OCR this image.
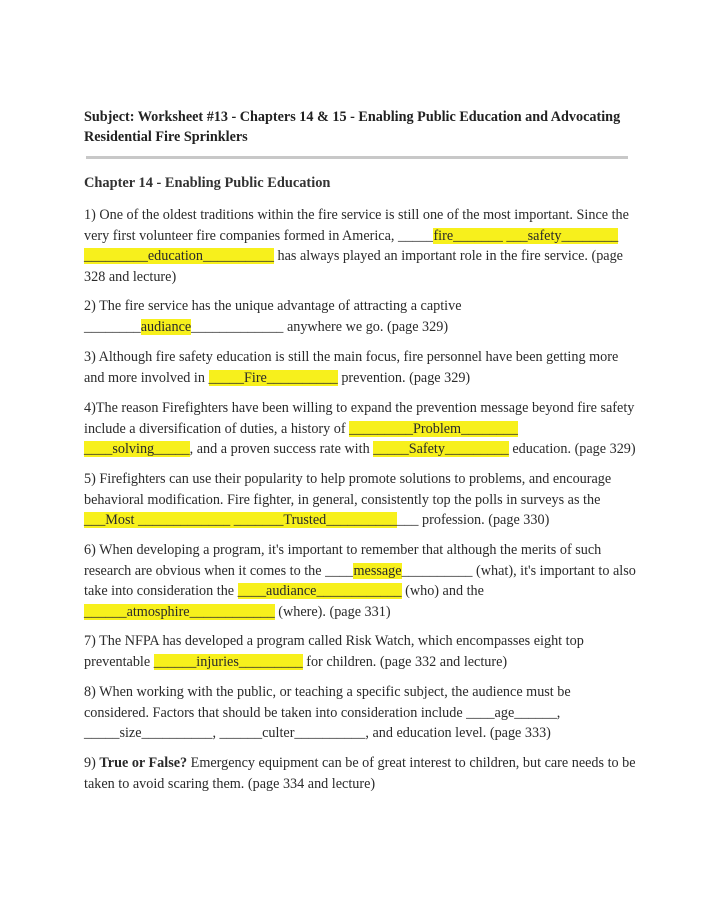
Subject: Worksheet #13 - Chapters 14 & 15 - Enabling Public Education and Advocating
Residential Fire Sprinklers
Chapter 14 - Enabling Public Education
1) One of the oldest traditions within the fire service is still one of the most important. Since the
very first volunteer fire companies formed in America, _____fire_______ ___safety________
_________education__________ has always played an important role in the fire service. (page
328 and lecture)
2) The fire service has the unique advantage of attracting a captive
________audiance_____________ anywhere we go. (page 329)
3) Although fire safety education is still the main focus, fire personnel have been getting more
and more involved in _____Fire__________ prevention. (page 329)
4)The reason Firefighters have been willing to expand the prevention message beyond fire safety
include a diversification of duties, a history of _________Problem________
____solving_____, and a proven success rate with _____Safety_________ education. (page 329)
5) Firefighters can use their popularity to help promote solutions to problems, and encourage
behavioral modification. Fire fighter, in general, consistently top the polls in surveys as the
___Most _____________ _______Trusted_____________ profession. (page 330)
6) When developing a program, it's important to remember that although the merits of such
research are obvious when it comes to the ____message__________ (what), it's important to also
take into consideration the ____audiance____________ (who) and the
______atmosphire____________ (where). (page 331)
7) The NFPA has developed a program called Risk Watch, which encompasses eight top
preventable ______injuries_________ for children. (page 332 and lecture)
8) When working with the public, or teaching a specific subject, the audience must be
considered. Factors that should be taken into consideration include ____age______,
_____size__________, ______culter__________, and education level. (page 333)
9) True or False? Emergency equipment can be of great interest to children, but care needs to be
taken to avoid scaring them. (page 334 and lecture)
